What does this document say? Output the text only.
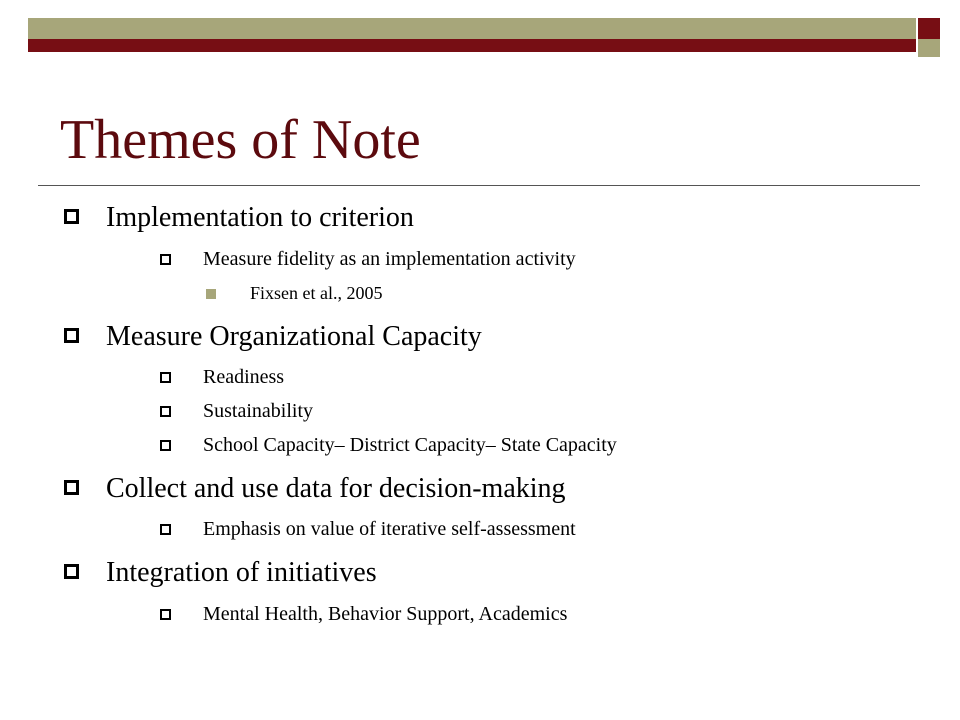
Themes of Note
Implementation to criterion
Measure fidelity as an implementation activity
Fixsen et al., 2005
Measure Organizational Capacity
Readiness
Sustainability
School Capacity– District Capacity– State Capacity
Collect and use data for decision-making
Emphasis on value of iterative self-assessment
Integration of initiatives
Mental Health, Behavior Support, Academics
